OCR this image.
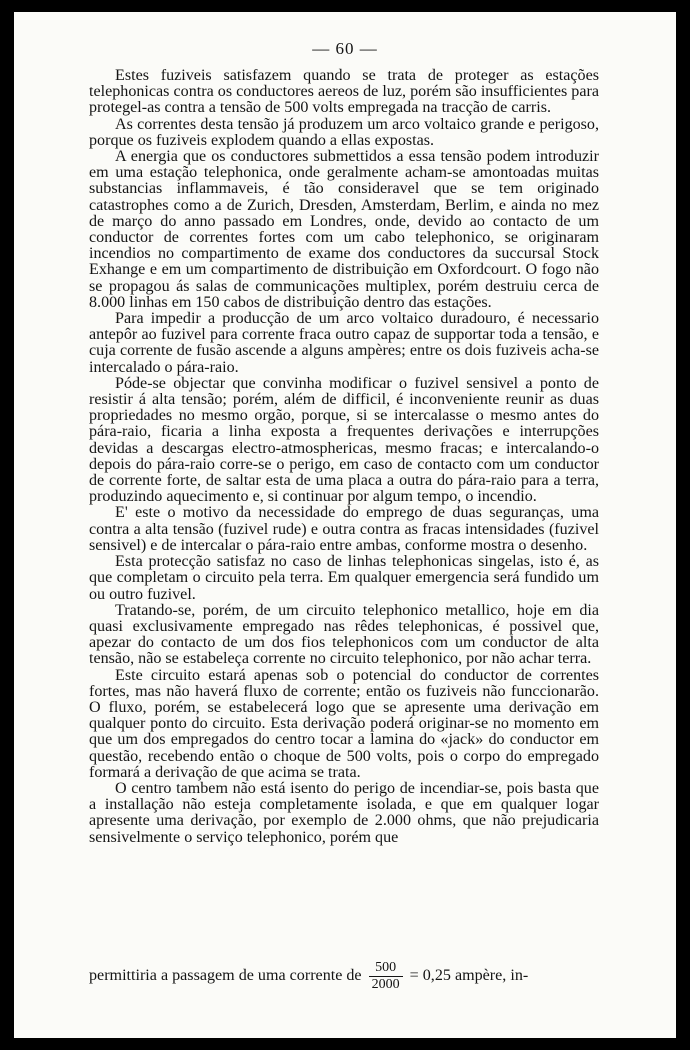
— 60 —

Estes fuziveis satisfazem quando se trata de proteger as estações telephonicas contra os conductores aereos de luz, porém são insufficientes para protegel-as contra a tensão de 500 volts empregada na tracção de carris.

As correntes desta tensão já produzem um arco voltaico grande e perigoso, porque os fuziveis explodem quando a ellas expostas.

A energia que os conductores submettidos a essa tensão podem introduzir em uma estação telephonica, onde geralmente acham-se amontoadas muitas substancias inflammaveis, é tão consideravel que se tem originado catastrophes como a de Zurich, Dresden, Amsterdam, Berlim, e ainda no mez de março do anno passado em Londres, onde, devido ao contacto de um conductor de correntes fortes com um cabo telephonico, se originaram incendios no compartimento de exame dos conductores da succursal Stock Exhange e em um compartimento de distribuição em Oxfordcourt. O fogo não se propagou ás salas de communicações multiplex, porém destruiu cerca de 8.000 linhas em 150 cabos de distribuição dentro das estações.

Para impedir a producção de um arco voltaico duradouro, é necessario antepôr ao fuzivel para corrente fraca outro capaz de supportar toda a tensão, e cuja corrente de fusão ascende a alguns ampères; entre os dois fuziveis acha-se intercalado o pára-raio.

Póde-se objectar que convinha modificar o fuzivel sensivel a ponto de resistir á alta tensão; porém, além de difficil, é inconveniente reunir as duas propriedades no mesmo orgão, porque, si se intercalasse o mesmo antes do pára-raio, ficaria a linha exposta a frequentes derivações e interrupções devidas a descargas electro-atmosphericas, mesmo fracas; e intercalando-o depois do pára-raio corre-se o perigo, em caso de contacto com um conductor de corrente forte, de saltar esta de uma placa a outra do pára-raio para a terra, produzindo aquecimento e, si continuar por algum tempo, o incendio.

E' este o motivo da necessidade do emprego de duas seguranças, uma contra a alta tensão (fuzivel rude) e outra contra as fracas intensidades (fuzivel sensivel) e de intercalar o pára-raio entre ambas, conforme mostra o desenho.

Esta protecção satisfaz no caso de linhas telephonicas singelas, isto é, as que completam o circuito pela terra. Em qualquer emergencia será fundido um ou outro fuzivel.

Tratando-se, porém, de um circuito telephonico metallico, hoje em dia quasi exclusivamente empregado nas rêdes telephonicas, é possivel que, apezar do contacto de um dos fios telephonicos com um conductor de alta tensão, não se estabeleça corrente no circuito telephonico, por não achar terra.

Este circuito estará apenas sob o potencial do conductor de correntes fortes, mas não haverá fluxo de corrente; então os fuziveis não funccionarão. O fluxo, porém, se estabelecerá logo que se apresente uma derivação em qualquer ponto do circuito. Esta derivação poderá originar-se no momento em que um dos empregados do centro tocar a lamina do «jack» do conductor em questão, recebendo então o choque de 500 volts, pois o corpo do empregado formará a derivação de que acima se trata.

O centro tambem não está isento do perigo de incendiar-se, pois basta que a installação não esteja completamente isolada, e que em qualquer logar apresente uma derivação, por exemplo de 2.000 ohms, que não prejudicaria sensivelmente o serviço telephonico, porém que

permittiria a passagem de uma corrente de $\frac{500}{2000} = 0,25$ ampère, in-
